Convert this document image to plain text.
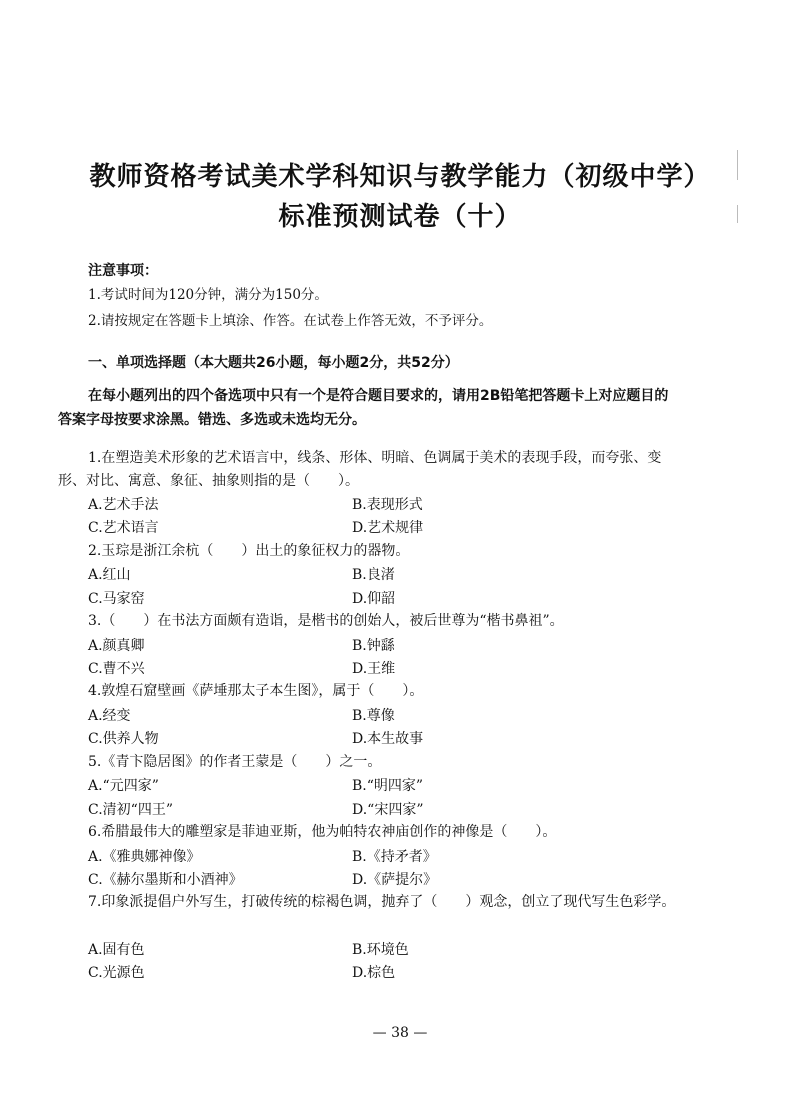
教师资格考试美术学科知识与教学能力（初级中学）
标准预测试卷（十）
注意事项：
1.考试时间为120分钟，满分为150分。
2.请按规定在答题卡上填涂、作答。在试卷上作答无效，不予评分。
一、单项选择题（本大题共26小题，每小题2分，共52分）
在每小题列出的四个备选项中只有一个是符合题目要求的，请用2B铅笔把答题卡上对应题目的答案字母按要求涂黑。错选、多选或未选均无分。
1.在塑造美术形象的艺术语言中，线条、形体、明暗、色调属于美术的表现手段，而夸张、变形、对比、寓意、象征、抽象则指的是（　　）。
A.艺术手法	B.表现形式
C.艺术语言	D.艺术规律
2.玉琮是浙江余杭（　　）出土的象征权力的器物。
A.红山	B.良渚
C.马家窑	D.仰韶
3.（　　）在书法方面颇有造诣，是楷书的创始人，被后世尊为“楷书鼻祖”。
A.颜真卿	B.钟繇
C.曹不兴	D.王维
4.敦煌石窟壁画《萨埵那太子本生图》，属于（　　）。
A.经变	B.尊像
C.供养人物	D.本生故事
5.《青卞隐居图》的作者王蒙是（　　）之一。
A.“元四家”	B.“明四家”
C.清初“四王”	D.“宋四家”
6.希腊最伟大的雕塑家是菲迪亚斯，他为帕特农神庙创作的神像是（　　）。
A.《雅典娜神像》	B.《持矛者》
C.《赫尔墨斯和小酒神》	D.《萨提尔》
7.印象派提倡户外写生，打破传统的棕褐色调，抛弃了（　　）观念，创立了现代写生色彩学。
A.固有色	B.环境色
C.光源色	D.棕色
— 38 —
